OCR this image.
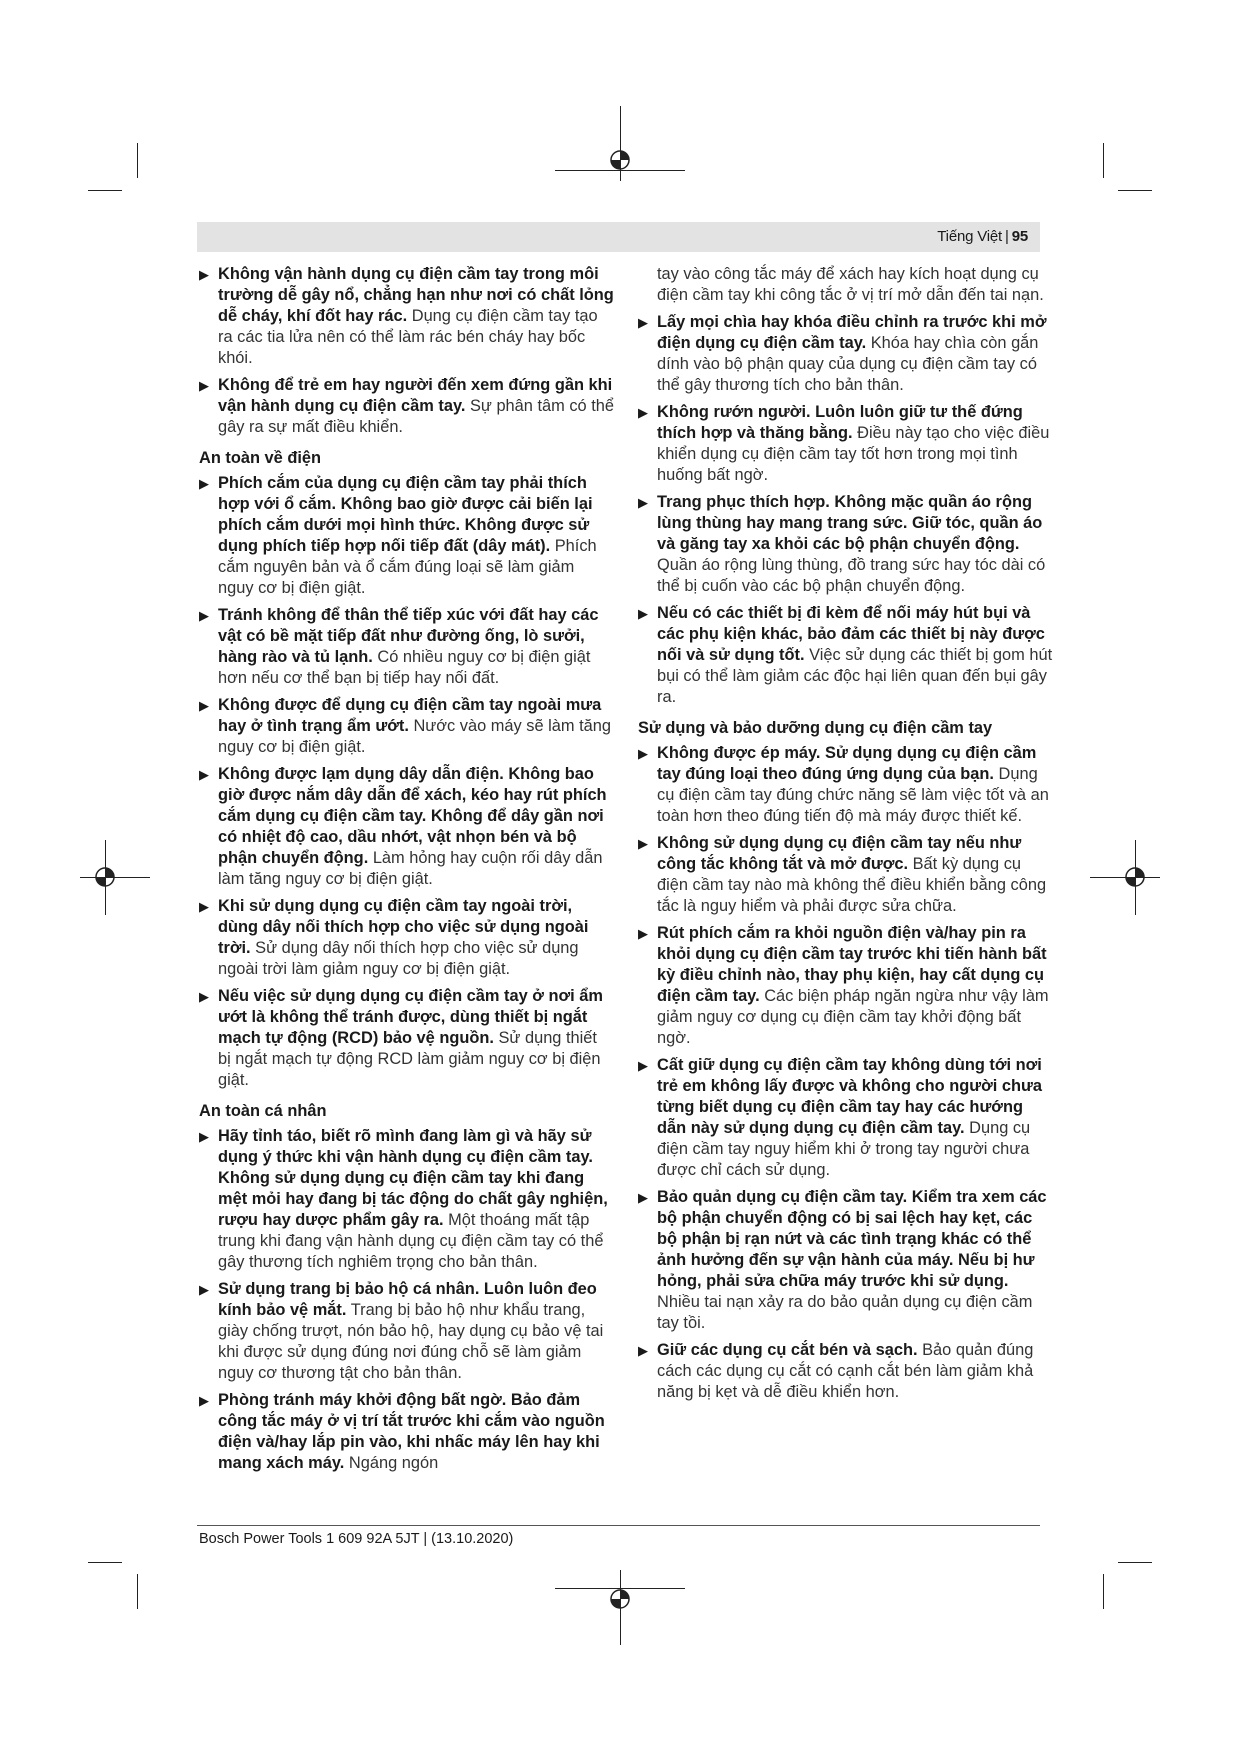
Tiếng Việt | 95
▶ Không vận hành dụng cụ điện cầm tay trong môi trường dễ gây nổ, chẳng hạn như nơi có chất lỏng dễ cháy, khí đốt hay rác. Dụng cụ điện cầm tay tạo ra các tia lửa nên có thể làm rác bén cháy hay bốc khói.
▶ Không để trẻ em hay người đến xem đứng gần khi vận hành dụng cụ điện cầm tay. Sự phân tâm có thể gây ra sự mất điều khiển.
An toàn về điện
▶ Phích cắm của dụng cụ điện cầm tay phải thích hợp với ổ cắm. Không bao giờ được cải biến lại phích cắm dưới mọi hình thức. Không được sử dụng phích tiếp hợp nối tiếp đất (dây mát). Phích cắm nguyên bản và ổ cắm đúng loại sẽ làm giảm nguy cơ bị điện giật.
▶ Tránh không để thân thể tiếp xúc với đất hay các vật có bề mặt tiếp đất như đường ống, lò sưởi, hàng rào và tủ lạnh. Có nhiều nguy cơ bị điện giật hơn nếu cơ thể bạn bị tiếp hay nối đất.
▶ Không được để dụng cụ điện cầm tay ngoài mưa hay ở tình trạng ẩm ướt. Nước vào máy sẽ làm tăng nguy cơ bị điện giật.
▶ Không được lạm dụng dây dẫn điện. Không bao giờ được nắm dây dẫn để xách, kéo hay rút phích cắm dụng cụ điện cầm tay. Không để dây gần nơi có nhiệt độ cao, dầu nhớt, vật nhọn bén và bộ phận chuyển động. Làm hỏng hay cuộn rối dây dẫn làm tăng nguy cơ bị điện giật.
▶ Khi sử dụng dụng cụ điện cầm tay ngoài trời, dùng dây nối thích hợp cho việc sử dụng ngoài trời. Sử dụng dây nối thích hợp cho việc sử dụng ngoài trời làm giảm nguy cơ bị điện giật.
▶ Nếu việc sử dụng dụng cụ điện cầm tay ở nơi ẩm ướt là không thể tránh được, dùng thiết bị ngắt mạch tự động (RCD) bảo vệ nguồn. Sử dụng thiết bị ngắt mạch tự động RCD làm giảm nguy cơ bị điện giật.
An toàn cá nhân
▶ Hãy tỉnh táo, biết rõ mình đang làm gì và hãy sử dụng ý thức khi vận hành dụng cụ điện cầm tay. Không sử dụng dụng cụ điện cầm tay khi đang mệt mỏi hay đang bị tác động do chất gây nghiện, rượu hay dược phẩm gây ra. Một thoáng mất tập trung khi đang vận hành dụng cụ điện cầm tay có thể gây thương tích nghiêm trọng cho bản thân.
▶ Sử dụng trang bị bảo hộ cá nhân. Luôn luôn đeo kính bảo vệ mắt. Trang bị bảo hộ như khẩu trang, giày chống trượt, nón bảo hộ, hay dụng cụ bảo vệ tai khi được sử dụng đúng nơi đúng chỗ sẽ làm giảm nguy cơ thương tật cho bản thân.
▶ Phòng tránh máy khởi động bất ngờ. Bảo đảm công tắc máy ở vị trí tắt trước khi cắm vào nguồn điện và/hay lắp pin vào, khi nhấc máy lên hay khi mang xách máy. Ngáng ngón
tay vào công tắc máy để xách hay kích hoạt dụng cụ điện cầm tay khi công tắc ở vị trí mở dẫn đến tai nạn.
▶ Lấy mọi chìa hay khóa điều chỉnh ra trước khi mở điện dụng cụ điện cầm tay. Khóa hay chìa còn gắn dính vào bộ phận quay của dụng cụ điện cầm tay có thể gây thương tích cho bản thân.
▶ Không rướn người. Luôn luôn giữ tư thế đứng thích hợp và thăng bằng. Điều này tạo cho việc điều khiển dụng cụ điện cầm tay tốt hơn trong mọi tình huống bất ngờ.
▶ Trang phục thích hợp. Không mặc quần áo rộng lùng thùng hay mang trang sức. Giữ tóc, quần áo và găng tay xa khỏi các bộ phận chuyển động. Quần áo rộng lùng thùng, đồ trang sức hay tóc dài có thể bị cuốn vào các bộ phận chuyển động.
▶ Nếu có các thiết bị đi kèm để nối máy hút bụi và các phụ kiện khác, bảo đảm các thiết bị này được nối và sử dụng tốt. Việc sử dụng các thiết bị gom hút bụi có thể làm giảm các độc hại liên quan đến bụi gây ra.
Sử dụng và bảo dưỡng dụng cụ điện cầm tay
▶ Không được ép máy. Sử dụng dụng cụ điện cầm tay đúng loại theo đúng ứng dụng của bạn. Dụng cụ điện cầm tay đúng chức năng sẽ làm việc tốt và an toàn hơn theo đúng tiến độ mà máy được thiết kế.
▶ Không sử dụng dụng cụ điện cầm tay nếu như công tắc không tắt và mở được. Bất kỳ dụng cụ điện cầm tay nào mà không thể điều khiển bằng công tắc là nguy hiểm và phải được sửa chữa.
▶ Rút phích cắm ra khỏi nguồn điện và/hay pin ra khỏi dụng cụ điện cầm tay trước khi tiến hành bất kỳ điều chỉnh nào, thay phụ kiện, hay cất dụng cụ điện cầm tay. Các biện pháp ngăn ngừa như vậy làm giảm nguy cơ dụng cụ điện cầm tay khởi động bất ngờ.
▶ Cất giữ dụng cụ điện cầm tay không dùng tới nơi trẻ em không lấy được và không cho người chưa từng biết dụng cụ điện cầm tay hay các hướng dẫn này sử dụng dụng cụ điện cầm tay. Dụng cụ điện cầm tay nguy hiểm khi ở trong tay người chưa được chỉ cách sử dụng.
▶ Bảo quản dụng cụ điện cầm tay. Kiểm tra xem các bộ phận chuyển động có bị sai lệch hay kẹt, các bộ phận bị rạn nứt và các tình trạng khác có thể ảnh hưởng đến sự vận hành của máy. Nếu bị hư hỏng, phải sửa chữa máy trước khi sử dụng. Nhiều tai nạn xảy ra do bảo quản dụng cụ điện cầm tay tồi.
▶ Giữ các dụng cụ cắt bén và sạch. Bảo quản đúng cách các dụng cụ cắt có cạnh cắt bén làm giảm khả năng bị kẹt và dễ điều khiển hơn.
Bosch Power Tools 1 609 92A 5JT | (13.10.2020)
